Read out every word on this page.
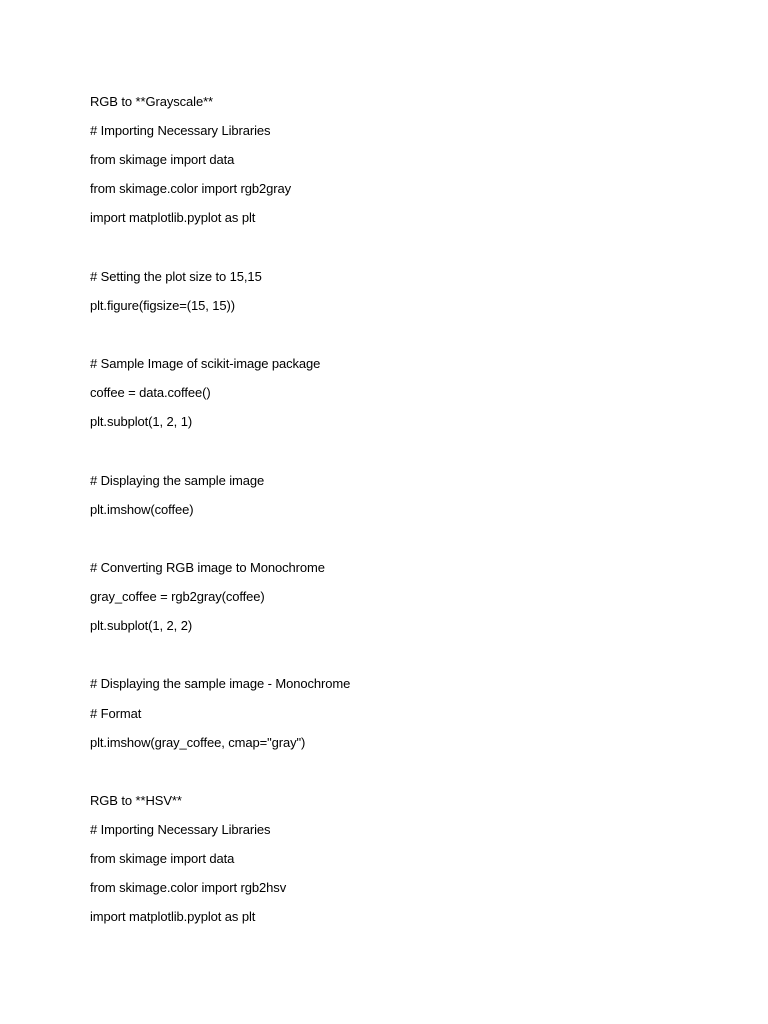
RGB to **Grayscale**
# Importing Necessary Libraries
from skimage import data
from skimage.color import rgb2gray
import matplotlib.pyplot as plt
# Setting the plot size to 15,15
plt.figure(figsize=(15, 15))
# Sample Image of scikit-image package
coffee = data.coffee()
plt.subplot(1, 2, 1)
# Displaying the sample image
plt.imshow(coffee)
# Converting RGB image to Monochrome
gray_coffee = rgb2gray(coffee)
plt.subplot(1, 2, 2)
# Displaying the sample image - Monochrome
# Format
plt.imshow(gray_coffee, cmap="gray")
RGB to **HSV**
# Importing Necessary Libraries
from skimage import data
from skimage.color import rgb2hsv
import matplotlib.pyplot as plt
